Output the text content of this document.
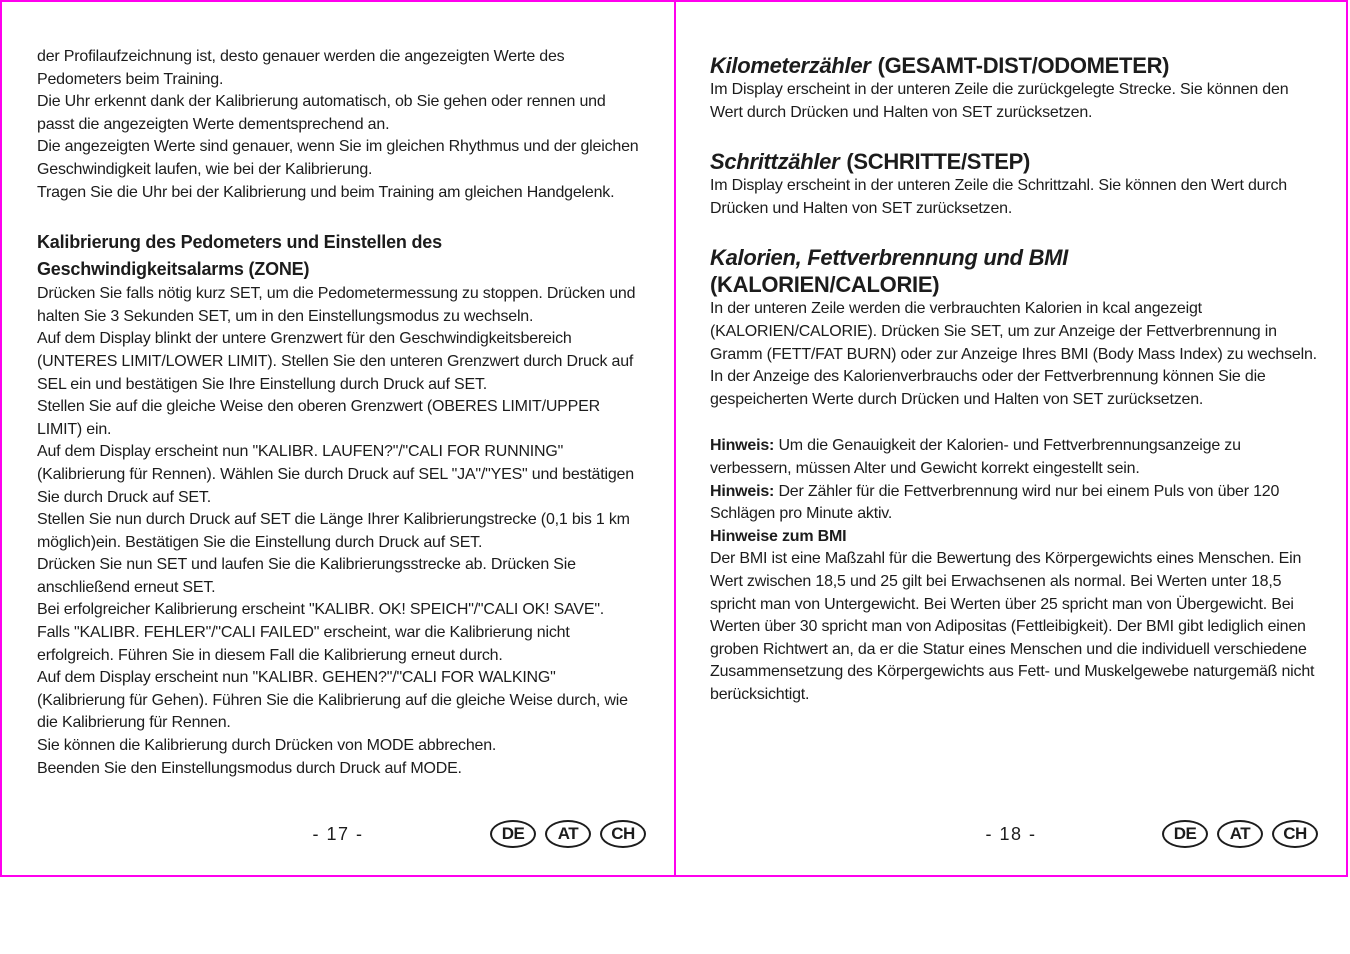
der Profilaufzeichnung ist, desto genauer werden die angezeigten Werte des Pedometers beim Training.

Die Uhr erkennt dank der Kalibrierung automatisch, ob Sie gehen oder rennen und passt die angezeigten Werte dementsprechend an.

Die angezeigten Werte sind genauer, wenn Sie im gleichen Rhythmus und der gleichen Geschwindigkeit laufen, wie bei der Kalibrierung.

Tragen Sie die Uhr bei der Kalibrierung und beim Training am gleichen Handgelenk.

Kalibrierung des Pedometers und Einstellen des Geschwindigkeitsalarms (ZONE)

Drücken Sie falls nötig kurz SET, um die Pedometermessung zu stoppen. Drücken und halten Sie 3 Sekunden SET, um in den Einstellungsmodus zu wechseln.

Auf dem Display blinkt der untere Grenzwert für den Geschwindigkeitsbereich (UNTERES LIMIT/LOWER LIMIT). Stellen Sie den unteren Grenzwert durch Druck auf SEL ein und bestätigen Sie Ihre Einstellung durch Druck auf SET.

Stellen Sie auf die gleiche Weise den oberen Grenzwert (OBERES LIMIT/UPPER LIMIT) ein.

Auf dem Display erscheint nun "KALIBR. LAUFEN?"/"CALI FOR RUNNING" (Kalibrierung für Rennen). Wählen Sie durch Druck auf SEL "JA"/"YES" und bestätigen Sie durch Druck auf SET.

Stellen Sie nun durch Druck auf SET die Länge Ihrer Kalibrierungstrecke (0,1 bis 1 km möglich)ein. Bestätigen Sie die Einstellung durch Druck auf SET.

Drücken Sie nun SET und laufen Sie die Kalibrierungsstrecke ab. Drücken Sie anschließend erneut SET.

Bei erfolgreicher Kalibrierung erscheint "KALIBR. OK! SPEICH"/"CALI OK! SAVE". Falls "KALIBR. FEHLER"/"CALI FAILED" erscheint, war die Kalibrierung nicht erfolgreich. Führen Sie in diesem Fall die Kalibrierung erneut durch.

Auf dem Display erscheint nun "KALIBR. GEHEN?"/"CALI FOR WALKING" (Kalibrierung für Gehen). Führen Sie die Kalibrierung auf die gleiche Weise durch, wie die Kalibrierung für Rennen.

Sie können die Kalibrierung durch Drücken von MODE abbrechen.

Beenden Sie den Einstellungsmodus durch Druck auf MODE.

- 17 -	DE	AT	CH
Kilometerzähler (GESAMT-DIST/ODOMETER)

Im Display erscheint in der unteren Zeile die zurückgelegte Strecke. Sie können den Wert durch Drücken und Halten von SET zurücksetzen.

Schrittzähler (SCHRITTE/STEP)

Im Display erscheint in der unteren Zeile die Schrittzahl. Sie können den Wert durch Drücken und Halten von SET zurücksetzen.

Kalorien, Fettverbrennung und BMI
(KALORIEN/CALORIE)

In der unteren Zeile werden die verbrauchten Kalorien in kcal angezeigt (KALORIEN/CALORIE). Drücken Sie SET, um zur Anzeige der Fettverbrennung in Gramm (FETT/FAT BURN) oder zur Anzeige Ihres BMI (Body Mass Index) zu wechseln. In der Anzeige des Kalorienverbrauchs oder der Fettverbrennung können Sie die gespeicherten Werte durch Drücken und Halten von SET zurücksetzen.

Hinweis: Um die Genauigkeit der Kalorien- und Fettverbrennungsanzeige zu verbessern, müssen Alter und Gewicht korrekt eingestellt sein.

Hinweis: Der Zähler für die Fettverbrennung wird nur bei einem Puls von über 120 Schlägen pro Minute aktiv.

Hinweise zum BMI

Der BMI ist eine Maßzahl für die Bewertung des Körpergewichts eines Menschen. Ein Wert zwischen 18,5 und 25 gilt bei Erwachsenen als normal. Bei Werten unter 18,5 spricht man von Untergewicht. Bei Werten über 25 spricht man von Übergewicht. Bei Werten über 30 spricht man von Adipositas (Fettleibigkeit). Der BMI gibt lediglich einen groben Richtwert an, da er die Statur eines Menschen und die individuell verschiedene Zusammensetzung des Körpergewichts aus Fett- und Muskelgewebe naturgemäß nicht berücksichtigt.

- 18 -	DE	AT	CH
